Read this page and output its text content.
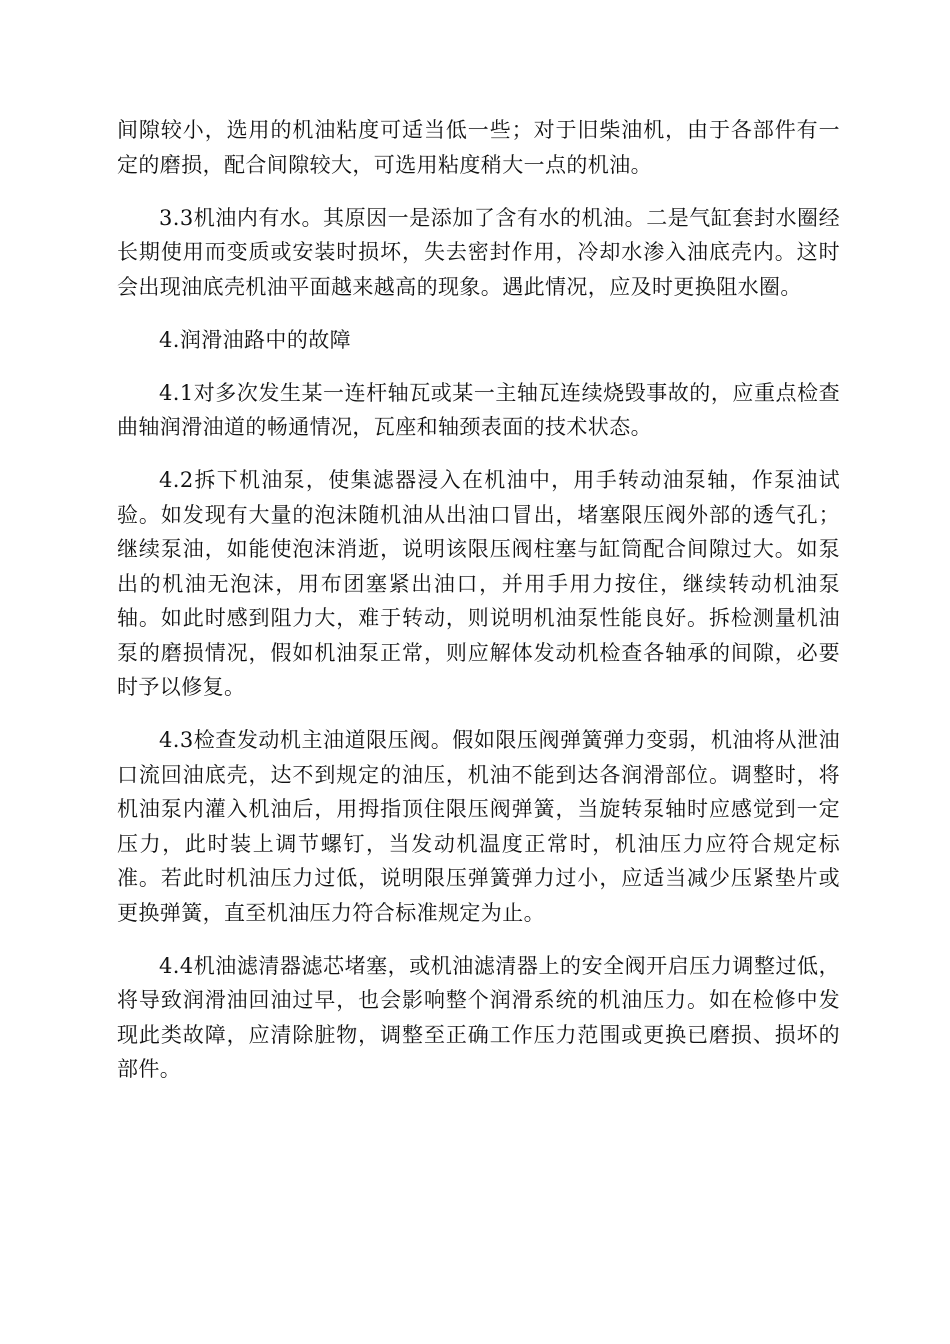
间隙较小，选用的机油粘度可适当低一些；对于旧柴油机，由于各部件有一定的磨损，配合间隙较大，可选用粘度稍大一点的机油。

3.3机油内有水。其原因一是添加了含有水的机油。二是气缸套封水圈经长期使用而变质或安装时损坏，失去密封作用，冷却水渗入油底壳内。这时会出现油底壳机油平面越来越高的现象。遇此情况，应及时更换阻水圈。

4.润滑油路中的故障

4.1对多次发生某一连杆轴瓦或某一主轴瓦连续烧毁事故的，应重点检查曲轴润滑油道的畅通情况，瓦座和轴颈表面的技术状态。

4.2拆下机油泵，使集滤器浸入在机油中，用手转动油泵轴，作泵油试验。如发现有大量的泡沫随机油从出油口冒出，堵塞限压阀外部的透气孔；继续泵油，如能使泡沫消逝，说明该限压阀柱塞与缸筒配合间隙过大。如泵出的机油无泡沫，用布团塞紧出油口，并用手用力按住，继续转动机油泵轴。如此时感到阻力大，难于转动，则说明机油泵性能良好。拆检测量机油泵的磨损情况，假如机油泵正常，则应解体发动机检查各轴承的间隙，必要时予以修复。

4.3检查发动机主油道限压阀。假如限压阀弹簧弹力变弱，机油将从泄油口流回油底壳，达不到规定的油压，机油不能到达各润滑部位。调整时，将机油泵内灌入机油后，用拇指顶住限压阀弹簧，当旋转泵轴时应感觉到一定压力，此时装上调节螺钉，当发动机温度正常时，机油压力应符合规定标准。若此时机油压力过低，说明限压弹簧弹力过小，应适当减少压紧垫片或更换弹簧，直至机油压力符合标准规定为止。

4.4机油滤清器滤芯堵塞，或机油滤清器上的安全阀开启压力调整过低，将导致润滑油回油过早，也会影响整个润滑系统的机油压力。如在检修中发现此类故障，应清除脏物，调整至正确工作压力范围或更换已磨损、损坏的部件。
